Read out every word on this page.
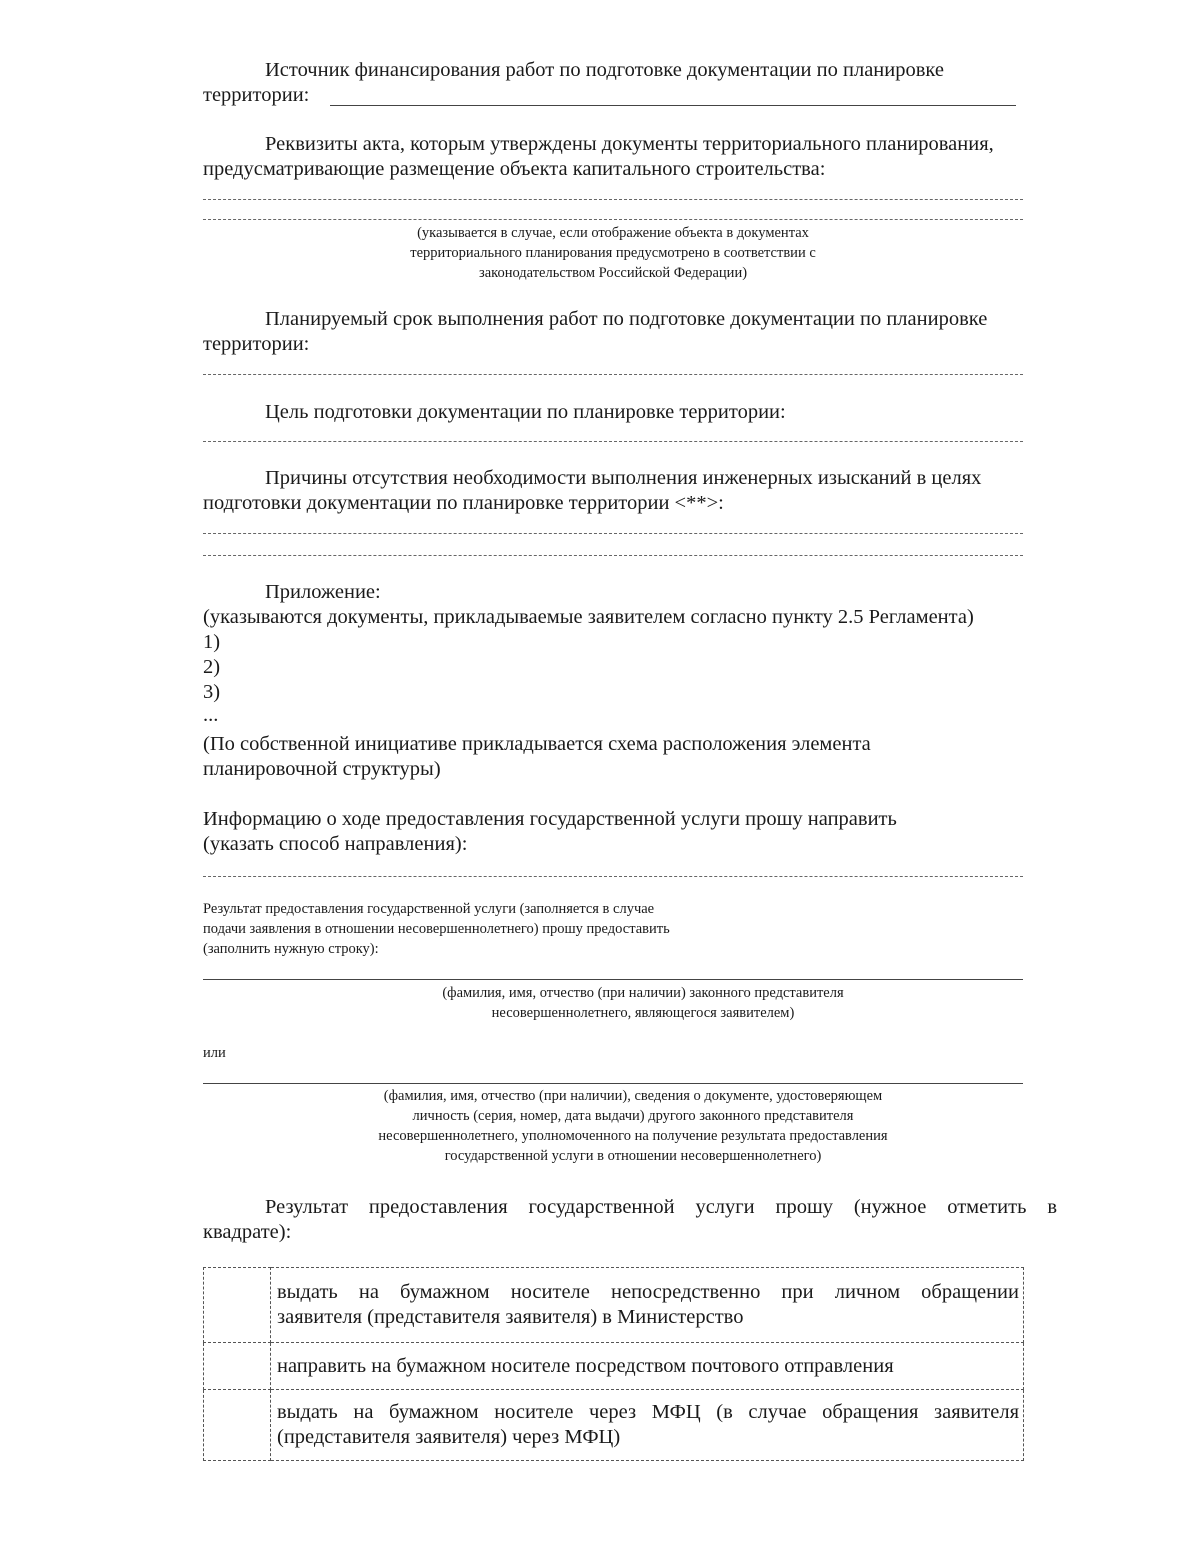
Источник финансирования работ по подготовке документации по планировке
территории:
Реквизиты акта, которым утверждены документы территориального планирования,
предусматривающие размещение объекта капитального строительства:
(указывается в случае, если отображение объекта в документах
территориального планирования предусмотрено в соответствии с
законодательством Российской Федерации)
Планируемый срок выполнения работ по подготовке документации по планировке
территории:
Цель подготовки документации по планировке территории:
Причины отсутствия необходимости выполнения инженерных изысканий в целях
подготовки документации по планировке территории <**>:
Приложение:
(указываются документы, прикладываемые заявителем согласно пункту 2.5 Регламента)
1)
2)
3)
...
(По собственной инициативе прикладывается схема расположения элемента
планировочной структуры)
Информацию о ходе предоставления государственной услуги прошу направить
(указать способ направления):
Результат предоставления государственной услуги (заполняется в случае
подачи заявления в отношении несовершеннолетнего) прошу предоставить
(заполнить нужную строку):
(фамилия, имя, отчество (при наличии) законного представителя
несовершеннолетнего, являющегося заявителем)
или
(фамилия, имя, отчество (при наличии), сведения о документе, удостоверяющем
личность (серия, номер, дата выдачи) другого законного представителя
несовершеннолетнего, уполномоченного на получение результата предоставления
государственной услуги в отношении несовершеннолетнего)
Результат предоставления государственной услуги прошу (нужное отметить в
квадрате):

	выдать на бумажном носителе непосредственно при личном обращении
заявителя (представителя заявителя) в Министерство

	направить на бумажном носителе посредством почтового отправления

	выдать на бумажном носителе через МФЦ (в случае обращения заявителя
(представителя заявителя) через МФЦ)
